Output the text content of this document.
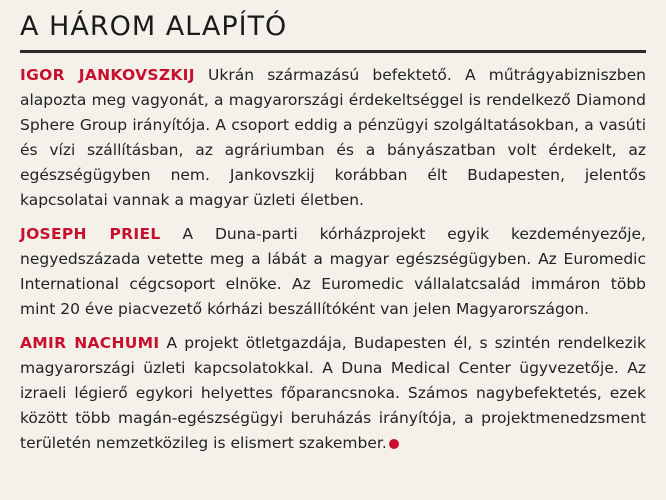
A HÁROM ALAPÍTÓ

IGOR JANKOVSZKIJ Ukrán származású befektető. A műtrágyabizniszben alapozta meg vagyonát, a magyarországi érdekeltséggel is rendelkező Diamond Sphere Group irányítója. A csoport eddig a pénzügyi szolgáltatásokban, a vasúti és vízi szállításban, az agráriumban és a bányászatban volt érdekelt, az egészségügyben nem. Jankovszkij korábban élt Budapesten, jelentős kapcsolatai vannak a magyar üzleti életben.

JOSEPH PRIEL A Duna-parti kórházprojekt egyik kezdeményezője, negyedszázada vetette meg a lábát a magyar egészségügyben. Az Euromedic International cégcsoport elnöke. Az Euromedic vállalatcsalád immáron több mint 20 éve piacvezető kórházi beszállítóként van jelen Magyarországon.

AMIR NACHUMI A projekt ötletgazdája, Budapesten él, s szintén rendelkezik magyarországi üzleti kapcsolatokkal. A Duna Medical Center ügyvezetője. Az izraeli légierő egykori helyettes főparancsnoka. Számos nagybefektetés, ezek között több magán-egészségügyi beruházás irányítója, a projektmenedzsment területén nemzetközileg is elismert szakember.
